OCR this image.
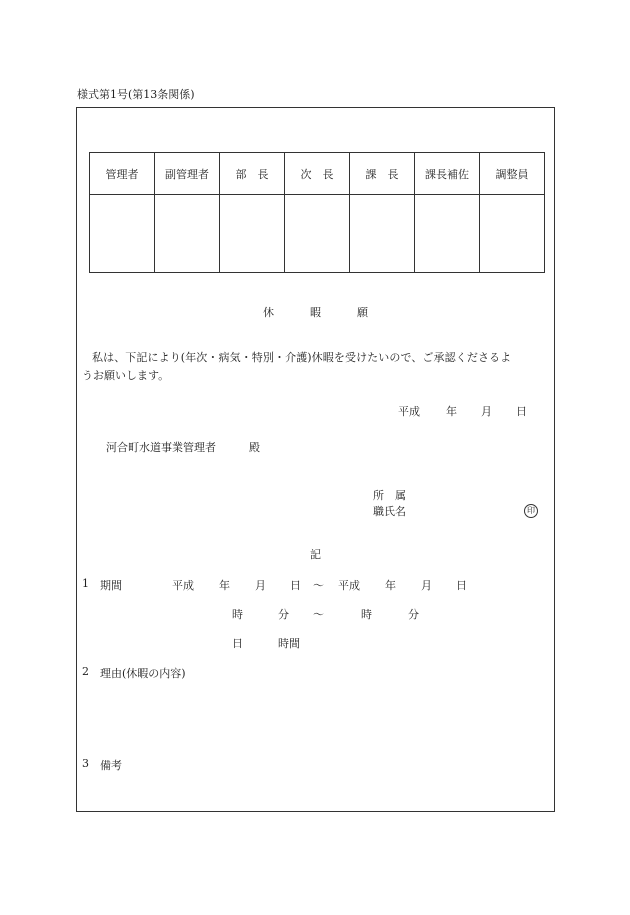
様式第1号(第13条関係)
管理者	副管理者	部　長	次　長	課　長	課長補佐	調整員

休	暇	願
私は、下記により(年次・病気・特別・介護)休暇を受けたいので、ご承認くださるよ
うお願いします。
平成 年 月 日
河合町水道事業管理者	殿
所　属
職氏名	印
記
1 期間	平成 年 月 日 〜 平成 年 月 日
時	分 〜	時	分
日	時間
2 理由(休暇の内容)
3 備考
